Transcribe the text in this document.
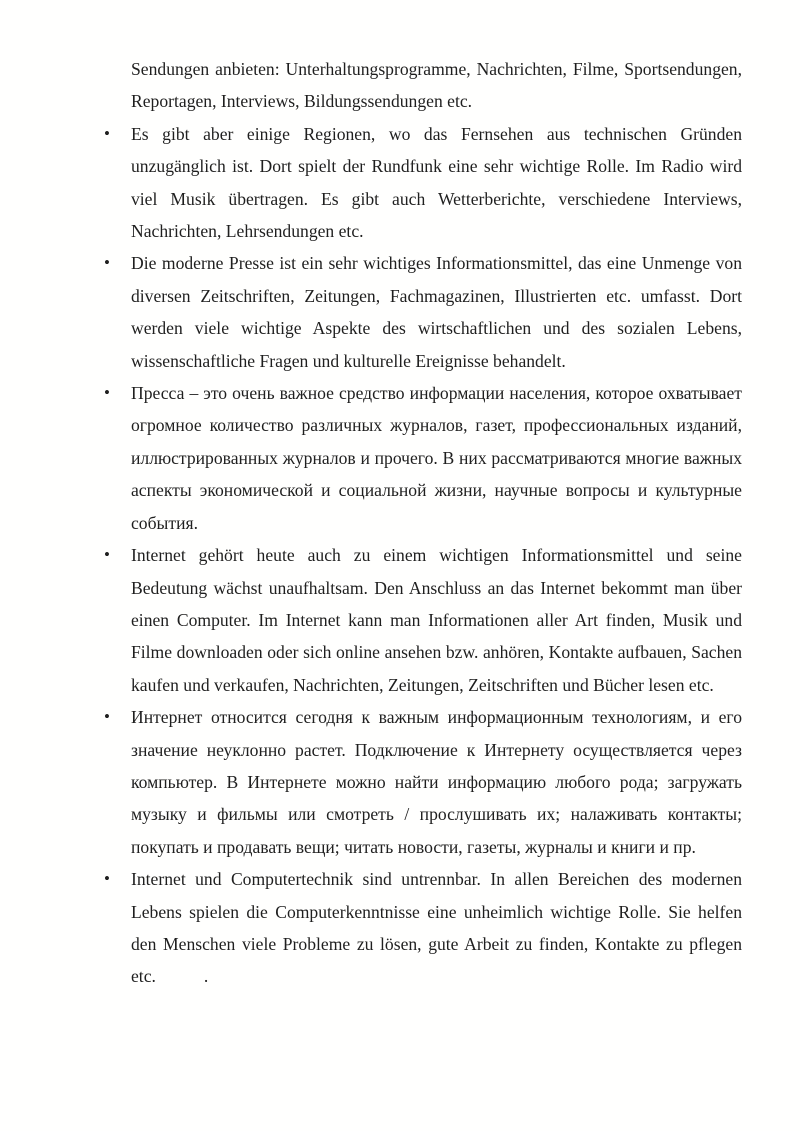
Sendungen anbieten: Unterhaltungsprogramme, Nachrichten, Filme, Sportsendungen, Reportagen, Interviews, Bildungssendungen etc.

• Es gibt aber einige Regionen, wo das Fernsehen aus technischen Gründen unzugänglich ist. Dort spielt der Rundfunk eine sehr wichtige Rolle. Im Radio wird viel Musik übertragen. Es gibt auch Wetterberichte, verschiedene Interviews, Nachrichten, Lehrsendungen etc.

• Die moderne Presse ist ein sehr wichtiges Informationsmittel, das eine Unmenge von diversen Zeitschriften, Zeitungen, Fachmagazinen, Illustrierten etc. umfasst. Dort werden viele wichtige Aspekte des wirtschaftlichen und des sozialen Lebens, wissenschaftliche Fragen und kulturelle Ereignisse behandelt.

• Пресса – это очень важное средство информации населения, которое охватывает огромное количество различных журналов, газет, профессиональных изданий, иллюстрированных журналов и прочего. В них рассматриваются многие важных аспекты экономической и социальной жизни, научные вопросы и культурные события.

• Internet gehört heute auch zu einem wichtigen Informationsmittel und seine Bedeutung wächst unaufhaltsam. Den Anschluss an das Internet bekommt man über einen Computer. Im Internet kann man Informationen aller Art finden, Musik und Filme downloaden oder sich online ansehen bzw. anhören, Kontakte aufbauen, Sachen kaufen und verkaufen, Nachrichten, Zeitungen, Zeitschriften und Bücher lesen etc.

• Интернет относится сегодня к важным информационным технологиям, и его значение неуклонно растет. Подключение к Интернету осуществляется через компьютер. В Интернете можно найти информацию любого рода; загружать музыку и фильмы или смотреть / прослушивать их; налаживать контакты; покупать и продавать вещи; читать новости, газеты, журналы и книги и пр.

• Internet und Computertechnik sind untrennbar. In allen Bereichen des modernen Lebens spielen die Computerkenntnisse eine unheimlich wichtige Rolle. Sie helfen den Menschen viele Probleme zu lösen, gute Arbeit zu finden, Kontakte zu pflegen etc.	.
